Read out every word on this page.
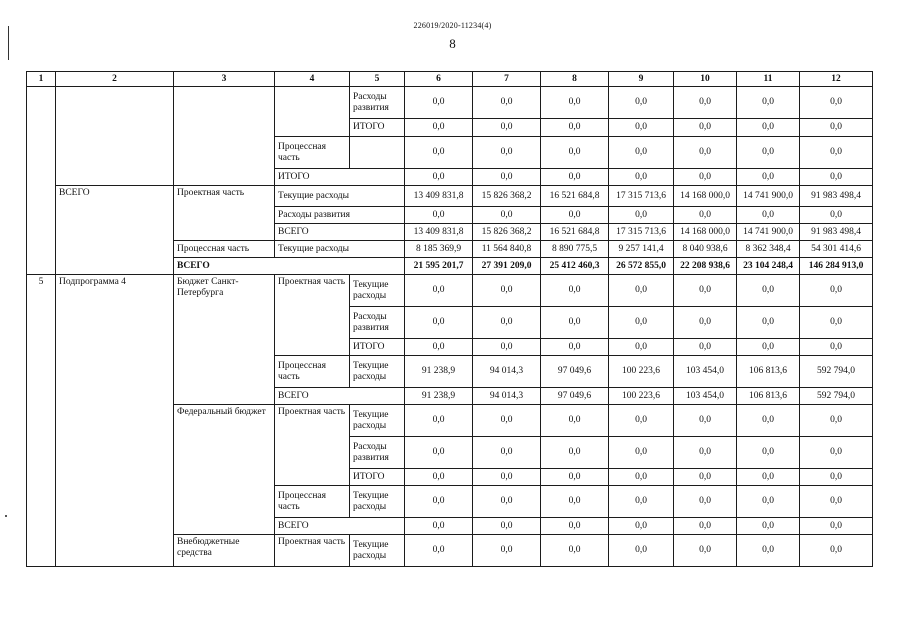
226019/2020-11234(4)
8
1	2	3	4	5	6	7	8	9	10	11	12
				Расходы развития	0,0	0,0	0,0	0,0	0,0	0,0	0,0
				ИТОГО	0,0	0,0	0,0	0,0	0,0	0,0	0,0
			Процессная часть		0,0	0,0	0,0	0,0	0,0	0,0	0,0
			ИТОГО		0,0	0,0	0,0	0,0	0,0	0,0	0,0
	ВСЕГО	Проектная часть	Текущие расходы		13 409 831,8	15 826 368,2	16 521 684,8	17 315 713,6	14 168 000,0	14 741 900,0	91 983 498,4
			Расходы развития		0,0	0,0	0,0	0,0	0,0	0,0	0,0
			ВСЕГО		13 409 831,8	15 826 368,2	16 521 684,8	17 315 713,6	14 168 000,0	14 741 900,0	91 983 498,4
		Процессная часть	Текущие расходы		8 185 369,9	11 564 840,8	8 890 775,5	9 257 141,4	8 040 938,6	8 362 348,4	54 301 414,6
		ВСЕГО			21 595 201,7	27 391 209,0	25 412 460,3	26 572 855,0	22 208 938,6	23 104 248,4	146 284 913,0
5	Подпрограмма 4	Бюджет Санкт-Петербурга	Проектная часть	Текущие расходы	0,0	0,0	0,0	0,0	0,0	0,0	0,0
				Расходы развития	0,0	0,0	0,0	0,0	0,0	0,0	0,0
				ИТОГО	0,0	0,0	0,0	0,0	0,0	0,0	0,0
			Процессная часть	Текущие расходы	91 238,9	94 014,3	97 049,6	100 223,6	103 454,0	106 813,6	592 794,0
			ВСЕГО		91 238,9	94 014,3	97 049,6	100 223,6	103 454,0	106 813,6	592 794,0
		Федеральный бюджет	Проектная часть	Текущие расходы	0,0	0,0	0,0	0,0	0,0	0,0	0,0
				Расходы развития	0,0	0,0	0,0	0,0	0,0	0,0	0,0
				ИТОГО	0,0	0,0	0,0	0,0	0,0	0,0	0,0
			Процессная часть	Текущие расходы	0,0	0,0	0,0	0,0	0,0	0,0	0,0
			ВСЕГО		0,0	0,0	0,0	0,0	0,0	0,0	0,0
		Внебюджетные средства	Проектная часть	Текущие расходы	0,0	0,0	0,0	0,0	0,0	0,0	0,0
